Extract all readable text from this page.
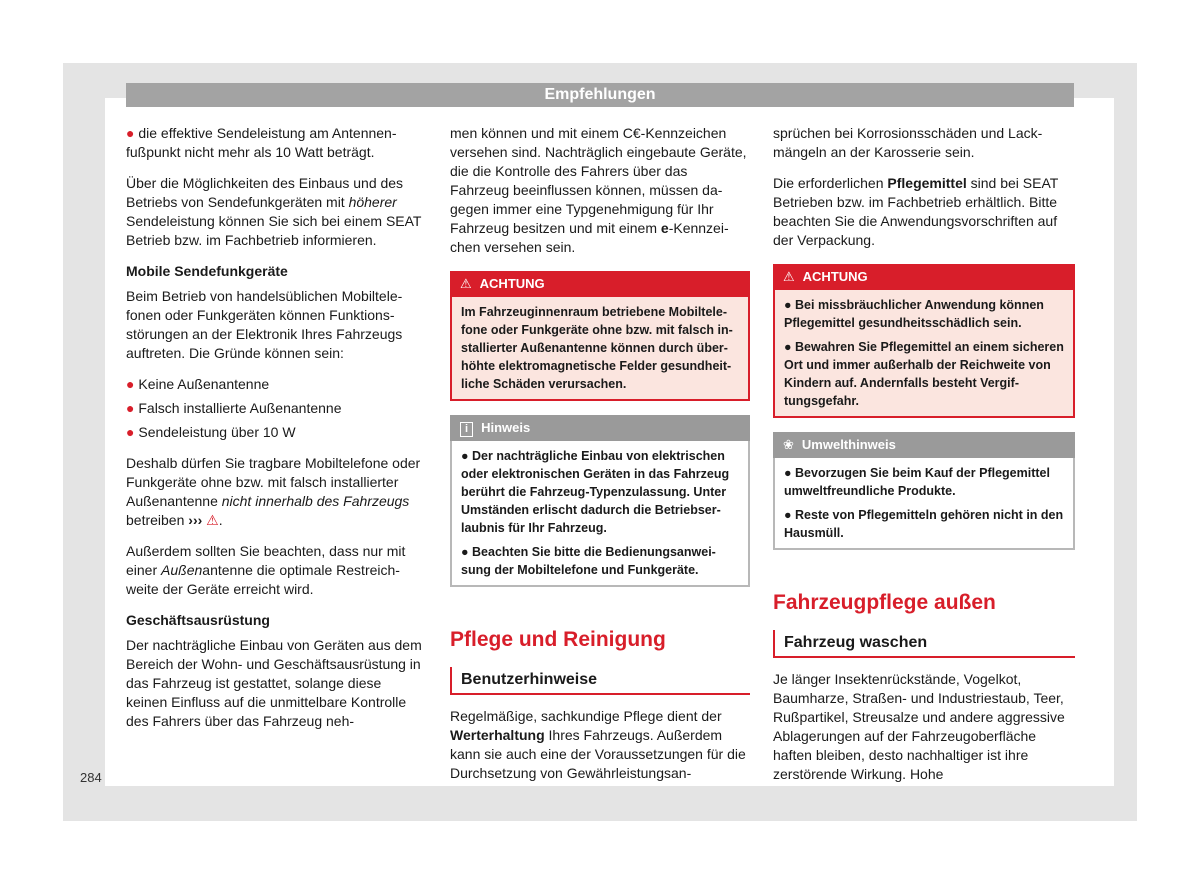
Empfehlungen

● die effektive Sendeleistung am Antennenfußpunkt nicht mehr als 10 Watt beträgt.

Über die Möglichkeiten des Einbaus und des Betriebs von Sendefunkgeräten mit höherer Sendeleistung können Sie sich bei einem SEAT Betrieb bzw. im Fachbetrieb informieren.

Mobile Sendefunkgeräte

Beim Betrieb von handelsüblichen Mobiltelefonen oder Funkgeräten können Funktionsstörungen an der Elektronik Ihres Fahrzeugs auftreten. Die Gründe können sein:

● Keine Außenantenne
● Falsch installierte Außenantenne
● Sendeleistung über 10 W

Deshalb dürfen Sie tragbare Mobiltelefone oder Funkgeräte ohne bzw. mit falsch installierter Außenantenne nicht innerhalb des Fahrzeugs betreiben ››› ⚠.

Außerdem sollten Sie beachten, dass nur mit einer Außenantenne die optimale Restreichweite der Geräte erreicht wird.

Geschäftsausrüstung

Der nachträgliche Einbau von Geräten aus dem Bereich der Wohn- und Geschäftsausrüstung in das Fahrzeug ist gestattet, solange diese keinen Einfluss auf die unmittelbare Kontrolle des Fahrers über das Fahrzeug neh-

men können und mit einem C€-Kennzeichen versehen sind. Nachträglich eingebaute Geräte, die die Kontrolle des Fahrers über das Fahrzeug beeinflussen können, müssen dagegen immer eine Typgenehmigung für Ihr Fahrzeug besitzen und mit einem e-Kennzeichen versehen sein.

⚠ ACHTUNG
Im Fahrzeuginnenraum betriebene Mobiltelefone oder Funkgeräte ohne bzw. mit falsch installierter Außenantenne können durch überhöhte elektromagnetische Felder gesundheitliche Schäden verursachen.
i Hinweis
● Der nachträgliche Einbau von elektrischen oder elektronischen Geräten in das Fahrzeug berührt die Fahrzeug-Typenzulassung. Unter Umständen erlischt dadurch die Betriebserlaubnis für Ihr Fahrzeug.
● Beachten Sie bitte die Bedienungsanweisung der Mobiltelefone und Funkgeräte.
Pflege und Reinigung
Benutzerhinweise

Regelmäßige, sachkundige Pflege dient der Werterhaltung Ihres Fahrzeugs. Außerdem kann sie auch eine der Voraussetzungen für die Durchsetzung von Gewährleistungsan-

sprüchen bei Korrosionsschäden und Lackmängeln an der Karosserie sein.

Die erforderlichen Pflegemittel sind bei SEAT Betrieben bzw. im Fachbetrieb erhältlich. Bitte beachten Sie die Anwendungsvorschriften auf der Verpackung.

⚠ ACHTUNG
● Bei missbräuchlicher Anwendung können Pflegemittel gesundheitsschädlich sein.
● Bewahren Sie Pflegemittel an einem sicheren Ort und immer außerhalb der Reichweite von Kindern auf. Andernfalls besteht Vergiftungsgefahr.
❀ Umwelthinweis
● Bevorzugen Sie beim Kauf der Pflegemittel umweltfreundliche Produkte.
● Reste von Pflegemitteln gehören nicht in den Hausmüll.
Fahrzeugpflege außen
Fahrzeug waschen

Je länger Insektenrückstände, Vogelkot, Baumharze, Straßen- und Industriestaub, Teer, Rußpartikel, Streusalze und andere aggressive Ablagerungen auf der Fahrzeugoberfläche haften bleiben, desto nachhaltiger ist ihre zerstörende Wirkung. Hohe

284
